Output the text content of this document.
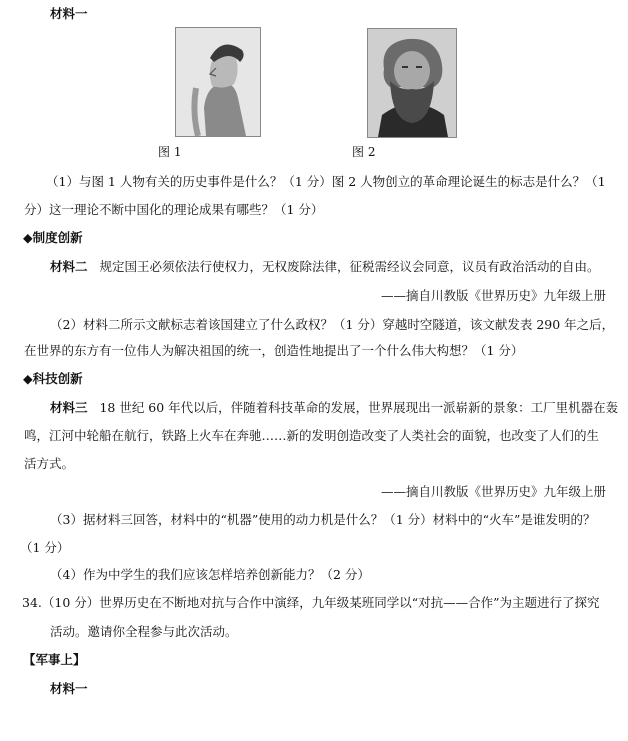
材料一
图 1	图 2
（1）与图 1 人物有关的历史事件是什么？（1 分）图 2 人物创立的革命理论诞生的标志是什么？（1
分）这一理论不断中国化的理论成果有哪些？（1 分）
◆制度创新
材料二 规定国王必须依法行使权力，无权废除法律，征税需经议会同意，议员有政治活动的自由。
——摘自川教版《世界历史》九年级上册
（2）材料二所示文献标志着该国建立了什么政权？（1 分）穿越时空隧道，该文献发表 290 年之后，
在世界的东方有一位伟人为解决祖国的统一，创造性地提出了一个什么伟大构想？（1 分）
◆科技创新
材料三 18 世纪 60 年代以后，伴随着科技革命的发展，世界展现出一派崭新的景象：工厂里机器在轰
鸣，江河中轮船在航行，铁路上火车在奔驰……新的发明创造改变了人类社会的面貌，也改变了人们的生
活方式。
——摘自川教版《世界历史》九年级上册
（3）据材料三回答，材料中的“机器”使用的动力机是什么？（1 分）材料中的“火车”是谁发明的？
（1 分）
（4）作为中学生的我们应该怎样培养创新能力？（2 分）
34.（10 分）世界历史在不断地对抗与合作中演绎，九年级某班同学以“对抗——合作”为主题进行了探究
活动。邀请你全程参与此次活动。
【军事上】
材料一
